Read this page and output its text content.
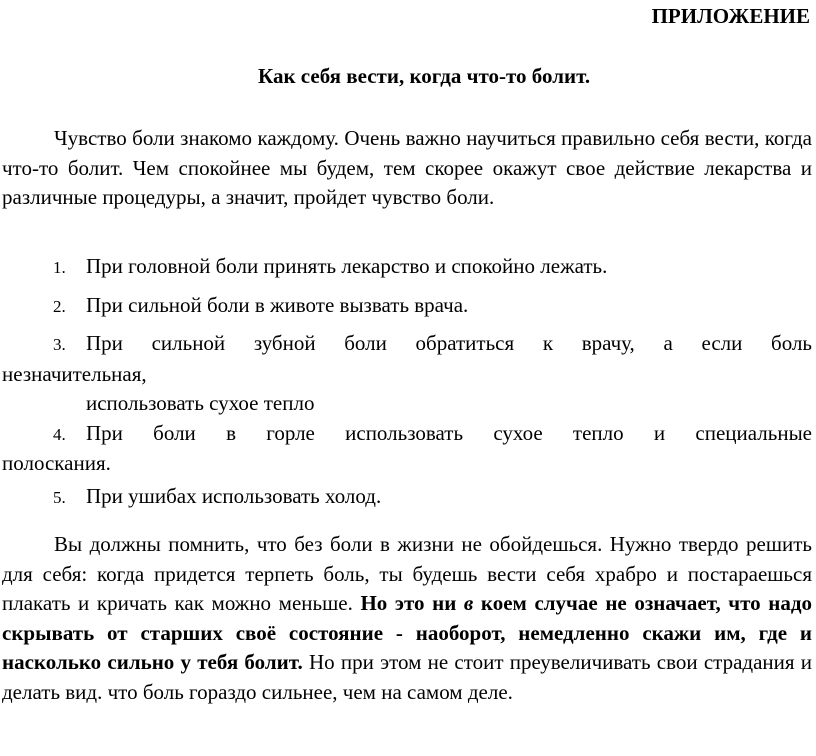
ПРИЛОЖЕНИЕ
Как себя вести, когда что-то болит.

Чувство боли знакомо каждому. Очень важно научиться правильно себя вести, когда что-то болит. Чем спокойнее мы будем, тем скорее окажут свое действие лекарства и различные процедуры, а значит, пройдет чувство боли.

1. При головной боли принять лекарство и спокойно лежать.
2. При сильной боли в животе вызвать врача.
3. При сильной зубной боли обратиться к врачу, а если боль
незначительная,
использовать сухое тепло
4. При боли в горле использовать сухое тепло и специальные
полоскания.
5. При ушибах использовать холод.

Вы должны помнить, что без боли в жизни не обойдешься. Нужно твердо решить для себя: когда придется терпеть боль, ты будешь вести себя храбро и постараешься плакать и кричать как можно меньше. Но это ни в коем случае не означает, что надо скрывать от старших своё состояние - наоборот, немедленно скажи им, где и насколько сильно у тебя болит. Но при этом не стоит преувеличивать свои страдания и делать вид. что боль гораздо сильнее, чем на самом деле.
